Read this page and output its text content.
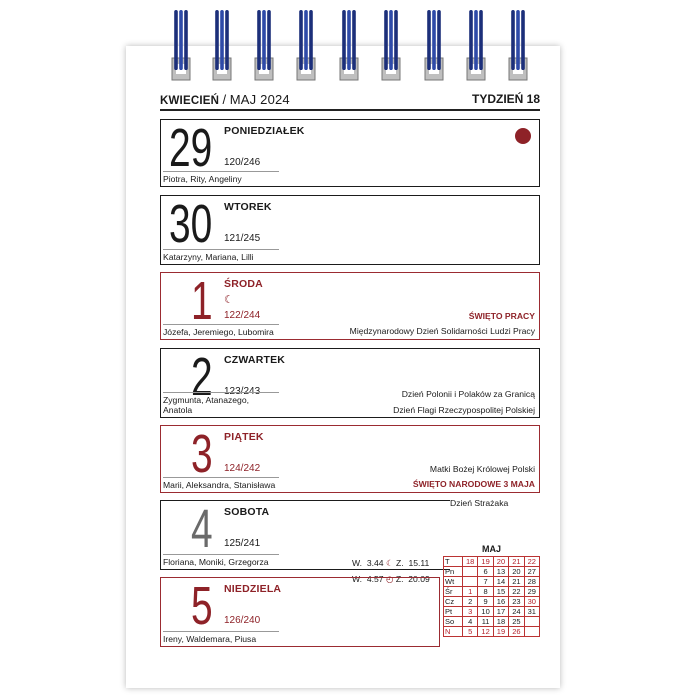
KWIECIEŃ / MAJ 2024	TYDZIEŃ 18
29 PONIEDZIAŁEK
120/246
Piotra, Rity, Angeliny
30 WTOREK
121/245
Katarzyny, Mariana, Lilli
1 ŚRODA
☾
122/244
Józefa, Jeremiego, Lubomira
ŚWIĘTO PRACY
Międzynarodowy Dzień Solidarności Ludzi Pracy
2 CZWARTEK
123/243
Zygmunta, Atanazego, Anatola
Dzień Polonii i Polaków za Granicą
Dzień Flagi Rzeczypospolitej Polskiej
3 PIĄTEK
124/242
Marii, Aleksandra, Stanisława
Matki Bożej Królowej Polski
ŚWIĘTO NARODOWE 3 MAJA
4 SOBOTA
125/241
Floriana, Moniki, Grzegorza
Dzień Strażaka
W. 3.44 ☾ Z. 15.11
W. 4.57 ◴ Z. 20.09
5 NIEDZIELA
126/240
Ireny, Waldemara, Piusa
MAJ
T	18	19	20	21	22
Pn		6	13	20	27
Wt		7	14	21	28
Śr	1	8	15	22	29
Cz	2	9	16	23	30
Pt	3	10	17	24	31
So	4	11	18	25	
N	5	12	19	26	
